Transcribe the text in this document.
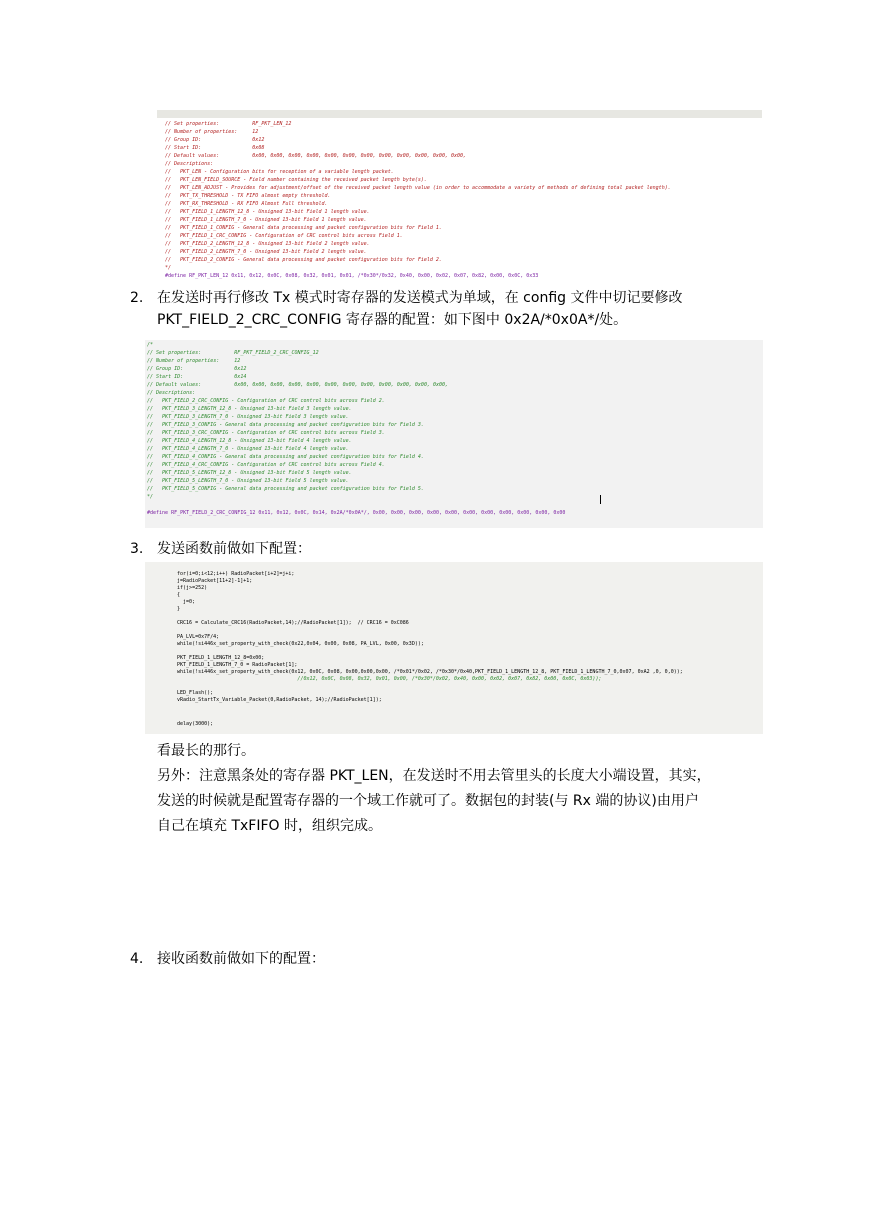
// Set properties:           RF_PKT_LEN_12
// Number of properties:     12
// Group ID:                 0x12
// Start ID:                 0x08
// Default values:           0x00, 0x00, 0x00, 0x00, 0x00, 0x00, 0x00, 0x00, 0x00, 0x00, 0x00, 0x00,
// Descriptions:
//   PKT_LEN - Configuration bits for reception of a variable length packet.
//   PKT_LEN_FIELD_SOURCE - Field number containing the received packet length byte(s).
//   PKT_LEN_ADJUST - Provides for adjustment/offset of the received packet length value (in order to accommodate a variety of methods of defining total packet length).
//   PKT_TX_THRESHOLD - TX FIFO almost empty threshold.
//   PKT_RX_THRESHOLD - RX FIFO Almost Full threshold.
//   PKT_FIELD_1_LENGTH_12_8 - Unsigned 13-bit Field 1 length value.
//   PKT_FIELD_1_LENGTH_7_0 - Unsigned 13-bit Field 1 length value.
//   PKT_FIELD_1_CONFIG - General data processing and packet configuration bits for Field 1.
//   PKT_FIELD_1_CRC_CONFIG - Configuration of CRC control bits across Field 1.
//   PKT_FIELD_2_LENGTH_12_8 - Unsigned 13-bit Field 2 length value.
//   PKT_FIELD_2_LENGTH_7_0 - Unsigned 13-bit Field 2 length value.
//   PKT_FIELD_2_CONFIG - General data processing and packet configuration bits for Field 2.
*/
#define RF_PKT_LEN_12 0x11, 0x12, 0x0C, 0x08, 0x32, 0x01, 0x01, /*0x30*/0x32, 0x40, 0x00, 0x02, 0x07, 0x82, 0x00, 0x0C, 0x33
2. 在发送时再行修改 Tx 模式时寄存器的发送模式为单域，在 config 文件中切记要修改
PKT_FIELD_2_CRC_CONFIG 寄存器的配置：如下图中 0x2A/*0x0A*/处。
/*
// Set properties:           RF_PKT_FIELD_2_CRC_CONFIG_12
// Number of properties:     12
// Group ID:                 0x12
// Start ID:                 0x14
// Default values:           0x00, 0x00, 0x00, 0x00, 0x00, 0x00, 0x00, 0x00, 0x00, 0x00, 0x00, 0x00,
// Descriptions:
//   PKT_FIELD_2_CRC_CONFIG - Configuration of CRC control bits across Field 2.
//   PKT_FIELD_3_LENGTH_12_8 - Unsigned 13-bit Field 3 length value.
//   PKT_FIELD_3_LENGTH_7_0 - Unsigned 13-bit Field 3 length value.
//   PKT_FIELD_3_CONFIG - General data processing and packet configuration bits for Field 3.
//   PKT_FIELD_3_CRC_CONFIG - Configuration of CRC control bits across Field 3.
//   PKT_FIELD_4_LENGTH_12_8 - Unsigned 13-bit Field 4 length value.
//   PKT_FIELD_4_LENGTH_7_0 - Unsigned 13-bit Field 4 length value.
//   PKT_FIELD_4_CONFIG - General data processing and packet configuration bits for Field 4.
//   PKT_FIELD_4_CRC_CONFIG - Configuration of CRC control bits across Field 4.
//   PKT_FIELD_5_LENGTH_12_8 - Unsigned 13-bit Field 5 length value.
//   PKT_FIELD_5_LENGTH_7_0 - Unsigned 13-bit Field 5 length value.
//   PKT_FIELD_5_CONFIG - General data processing and packet configuration bits for Field 5.
*/
#define RF_PKT_FIELD_2_CRC_CONFIG_12 0x11, 0x12, 0x0C, 0x14, 0x2A/*0x0A*/, 0x00, 0x00, 0x00, 0x00, 0x00, 0x00, 0x00, 0x00, 0x00, 0x00, 0x00
3. 发送函数前做如下配置：
for(i=0;i<12;i++) RadioPacket[i+2]=j+i;
j=RadioPacket[11+2]-1]+1;
if(j>=252)
{
j=0;
}
CRC16 = Calculate_CRC16(RadioPacket,14);//RadioPacket[1]);  // CRC16 = 0xC086
PA_LVL=0x7F/4;
while(!si446x_set_property_with_check(0x22,0x04, 0x00, 0x08, PA_LVL, 0x00, 0x3D));
PKT_FIELD_1_LENGTH_12_8=0x00;
PKT_FIELD_1_LENGTH_7_0 = RadioPacket[1];
while(!si446x_set_property_with_check(0x12, 0x0C, 0x08, 0x00,0x00,0x00, /*0x01*/0x02, /*0x30*/0x40,PKT_FIELD_1_LENGTH_12_8, PKT_FIELD_1_LENGTH_7_0,0x07, 0xA2 ,0, 0,0));
//0x12, 0x0C, 0x08, 0x32, 0x01, 0x00, /*0x30*/0x02, 0x40, 0x00, 0x02, 0x07, 0x82, 0x00, 0x0C, 0x03));
LED_Flash();
vRadio_StartTx_Variable_Packet(0,RadioPacket, 14);//RadioPacket[1]);
delay(3000);
看最长的那行。
另外：注意黑条处的寄存器 PKT_LEN，在发送时不用去管里头的长度大小端设置，其实，
发送的时候就是配置寄存器的一个域工作就可了。数据包的封装(与 Rx 端的协议)由用户
自己在填充 TxFIFO 时，组织完成。
4. 接收函数前做如下的配置：
